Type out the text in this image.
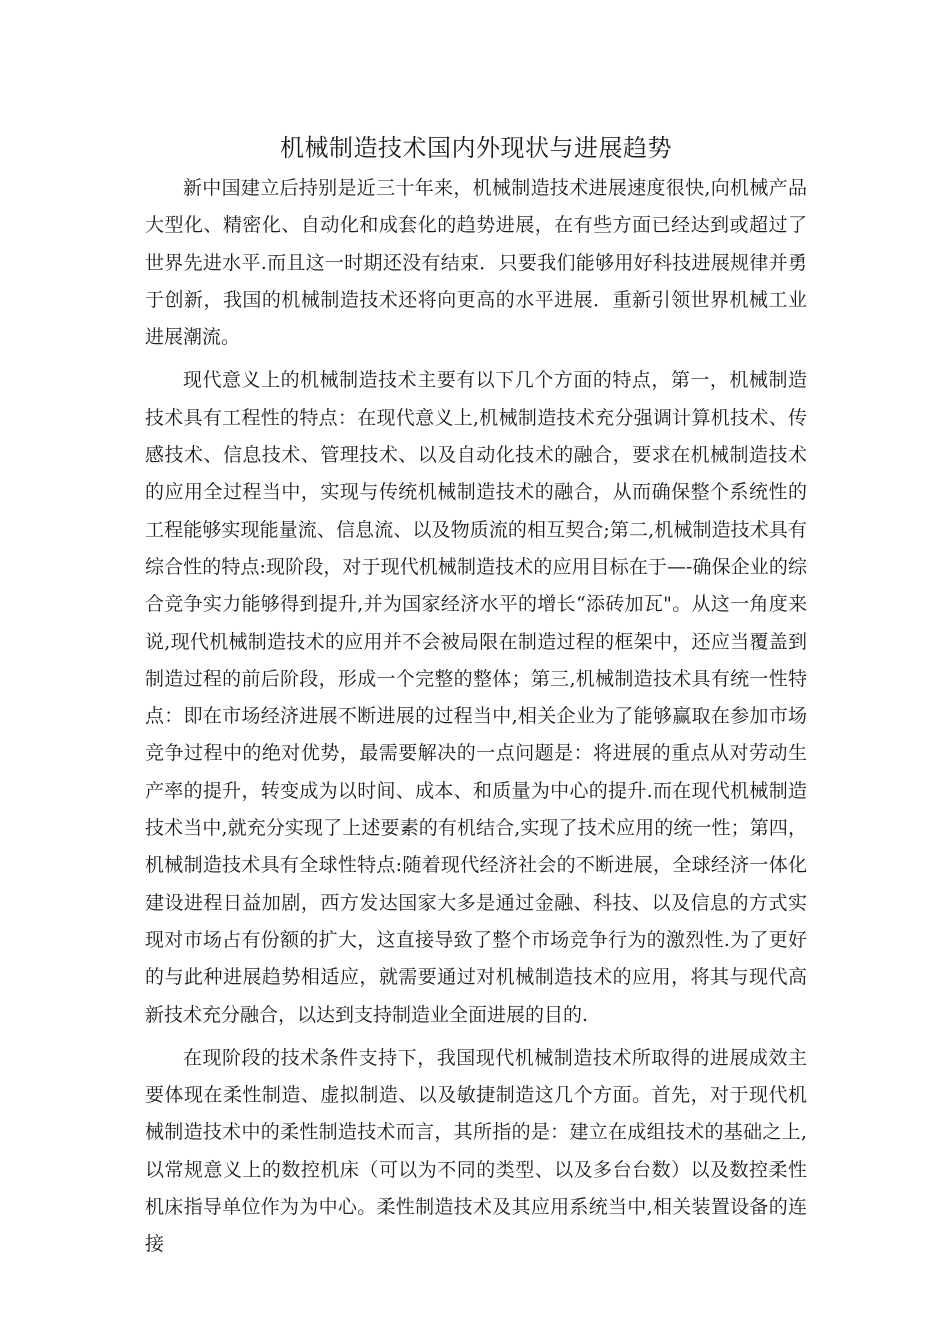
机械制造技术国内外现状与进展趋势

新中国建立后持别是近三十年来，机械制造技术进展速度很快,向机械产品大型化、精密化、自动化和成套化的趋势进展，在有些方面已经达到或超过了世界先进水平.而且这一时期还没有结束．只要我们能够用好科技进展规律并勇于创新，我国的机械制造技术还将向更高的水平进展．重新引领世界机械工业进展潮流。

现代意义上的机械制造技术主要有以下几个方面的特点，第一，机械制造技术具有工程性的特点：在现代意义上,机械制造技术充分强调计算机技术、传感技术、信息技术、管理技术、以及自动化技术的融合，要求在机械制造技术的应用全过程当中，实现与传统机械制造技术的融合，从而确保整个系统性的工程能够实现能量流、信息流、以及物质流的相互契合;第二,机械制造技术具有综合性的特点:现阶段，对于现代机械制造技术的应用目标在于—-确保企业的综合竞争实力能够得到提升,并为国家经济水平的增长“添砖加瓦"。从这一角度来说,现代机械制造技术的应用并不会被局限在制造过程的框架中，还应当覆盖到制造过程的前后阶段，形成一个完整的整体；第三,机械制造技术具有统一性特点：即在市场经济进展不断进展的过程当中,相关企业为了能够赢取在参加市场竞争过程中的绝对优势，最需要解决的一点问题是：将进展的重点从对劳动生产率的提升，转变成为以时间、成本、和质量为中心的提升.而在现代机械制造技术当中,就充分实现了上述要素的有机结合,实现了技术应用的统一性；第四，机械制造技术具有全球性特点:随着现代经济社会的不断进展，全球经济一体化建设进程日益加剧，西方发达国家大多是通过金融、科技、以及信息的方式实现对市场占有份额的扩大，这直接导致了整个市场竞争行为的激烈性.为了更好的与此种进展趋势相适应，就需要通过对机械制造技术的应用，将其与现代高新技术充分融合，以达到支持制造业全面进展的目的.

在现阶段的技术条件支持下，我国现代机械制造技术所取得的进展成效主要体现在柔性制造、虚拟制造、以及敏捷制造这几个方面。首先，对于现代机械制造技术中的柔性制造技术而言，其所指的是：建立在成组技术的基础之上,以常规意义上的数控机床（可以为不同的类型、以及多台台数）以及数控柔性机床指导单位作为为中心。柔性制造技术及其应用系统当中,相关装置设备的连接
